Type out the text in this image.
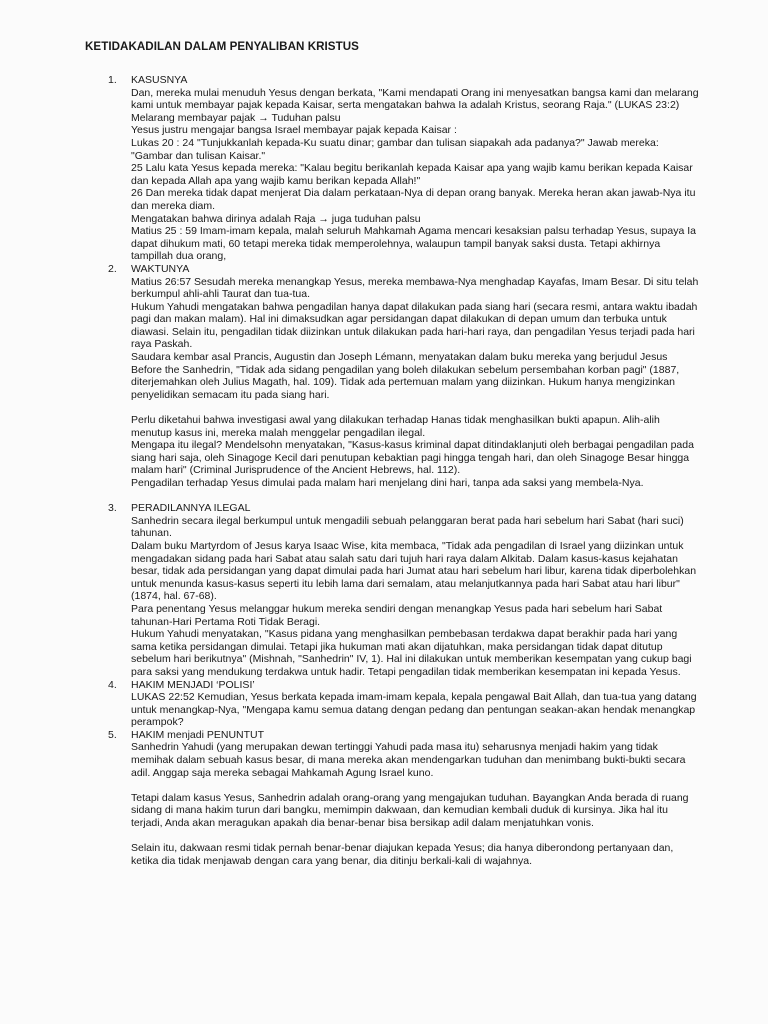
KETIDAKADILAN DALAM PENYALIBAN KRISTUS
1. KASUSNYA
Dan, mereka mulai menuduh Yesus dengan berkata, "Kami mendapati Orang ini menyesatkan bangsa kami dan melarang kami untuk membayar pajak kepada Kaisar, serta mengatakan bahwa Ia adalah Kristus, seorang Raja." (LUKAS 23:2)
Melarang membayar pajak → Tuduhan palsu
Yesus justru mengajar bangsa Israel membayar pajak kepada Kaisar :
Lukas 20 : 24 "Tunjukkanlah kepada-Ku suatu dinar; gambar dan tulisan siapakah ada padanya?" Jawab mereka: "Gambar dan tulisan Kaisar."
25 Lalu kata Yesus kepada mereka: "Kalau begitu berikanlah kepada Kaisar apa yang wajib kamu berikan kepada Kaisar dan kepada Allah apa yang wajib kamu berikan kepada Allah!"
26 Dan mereka tidak dapat menjerat Dia dalam perkataan-Nya di depan orang banyak. Mereka heran akan jawab-Nya itu dan mereka diam.
Mengatakan bahwa dirinya adalah Raja → juga tuduhan palsu
Matius 25 : 59 Imam-imam kepala, malah seluruh Mahkamah Agama mencari kesaksian palsu terhadap Yesus, supaya Ia dapat dihukum mati, 60 tetapi mereka tidak memperolehnya, walaupun tampil banyak saksi dusta. Tetapi akhirnya tampillah dua orang,
2. WAKTUNYA
Matius 26:57 Sesudah mereka menangkap Yesus, mereka membawa-Nya menghadap Kayafas, Imam Besar. Di situ telah berkumpul ahli-ahli Taurat dan tua-tua.
Hukum Yahudi mengatakan bahwa pengadilan hanya dapat dilakukan pada siang hari (secara resmi, antara waktu ibadah pagi dan makan malam). Hal ini dimaksudkan agar persidangan dapat dilakukan di depan umum dan terbuka untuk diawasi. Selain itu, pengadilan tidak diizinkan untuk dilakukan pada hari-hari raya, dan pengadilan Yesus terjadi pada hari raya Paskah.
Saudara kembar asal Prancis, Augustin dan Joseph Lémann, menyatakan dalam buku mereka yang berjudul Jesus Before the Sanhedrin, "Tidak ada sidang pengadilan yang boleh dilakukan sebelum persembahan korban pagi" (1887, diterjemahkan oleh Julius Magath, hal. 109). Tidak ada pertemuan malam yang diizinkan. Hukum hanya mengizinkan penyelidikan semacam itu pada siang hari.
Perlu diketahui bahwa investigasi awal yang dilakukan terhadap Hanas tidak menghasilkan bukti apapun. Alih-alih menutup kasus ini, mereka malah menggelar pengadilan ilegal.
Mengapa itu ilegal? Mendelsohn menyatakan, "Kasus-kasus kriminal dapat ditindaklanjuti oleh berbagai pengadilan pada siang hari saja, oleh Sinagoge Kecil dari penutupan kebaktian pagi hingga tengah hari, dan oleh Sinagoge Besar hingga malam hari" (Criminal Jurisprudence of the Ancient Hebrews, hal. 112).
Pengadilan terhadap Yesus dimulai pada malam hari menjelang dini hari, tanpa ada saksi yang membela-Nya.
3. PERADILANNYA ILEGAL
Sanhedrin secara ilegal berkumpul untuk mengadili sebuah pelanggaran berat pada hari sebelum hari Sabat (hari suci) tahunan.
Dalam buku Martyrdom of Jesus karya Isaac Wise, kita membaca, "Tidak ada pengadilan di Israel yang diizinkan untuk mengadakan sidang pada hari Sabat atau salah satu dari tujuh hari raya dalam Alkitab. Dalam kasus-kasus kejahatan besar, tidak ada persidangan yang dapat dimulai pada hari Jumat atau hari sebelum hari libur, karena tidak diperbolehkan untuk menunda kasus-kasus seperti itu lebih lama dari semalam, atau melanjutkannya pada hari Sabat atau hari libur" (1874, hal. 67-68).
Para penentang Yesus melanggar hukum mereka sendiri dengan menangkap Yesus pada hari sebelum hari Sabat tahunan-Hari Pertama Roti Tidak Beragi.
Hukum Yahudi menyatakan, "Kasus pidana yang menghasilkan pembebasan terdakwa dapat berakhir pada hari yang sama ketika persidangan dimulai. Tetapi jika hukuman mati akan dijatuhkan, maka persidangan tidak dapat ditutup sebelum hari berikutnya" (Mishnah, "Sanhedrin" IV, 1). Hal ini dilakukan untuk memberikan kesempatan yang cukup bagi para saksi yang mendukung terdakwa untuk hadir. Tetapi pengadilan tidak memberikan kesempatan ini kepada Yesus.
4. HAKIM MENJADI ‘POLISI’
LUKAS 22:52 Kemudian, Yesus berkata kepada imam-imam kepala, kepala pengawal Bait Allah, dan tua-tua yang datang untuk menangkap-Nya, "Mengapa kamu semua datang dengan pedang dan pentungan seakan-akan hendak menangkap perampok?
5. HAKIM menjadi PENUNTUT
Sanhedrin Yahudi (yang merupakan dewan tertinggi Yahudi pada masa itu) seharusnya menjadi hakim yang tidak memihak dalam sebuah kasus besar, di mana mereka akan mendengarkan tuduhan dan menimbang bukti-bukti secara adil. Anggap saja mereka sebagai Mahkamah Agung Israel kuno.
Tetapi dalam kasus Yesus, Sanhedrin adalah orang-orang yang mengajukan tuduhan. Bayangkan Anda berada di ruang sidang di mana hakim turun dari bangku, memimpin dakwaan, dan kemudian kembali duduk di kursinya. Jika hal itu terjadi, Anda akan meragukan apakah dia benar-benar bisa bersikap adil dalam menjatuhkan vonis.
Selain itu, dakwaan resmi tidak pernah benar-benar diajukan kepada Yesus; dia hanya diberondong pertanyaan dan, ketika dia tidak menjawab dengan cara yang benar, dia ditinju berkali-kali di wajahnya.
